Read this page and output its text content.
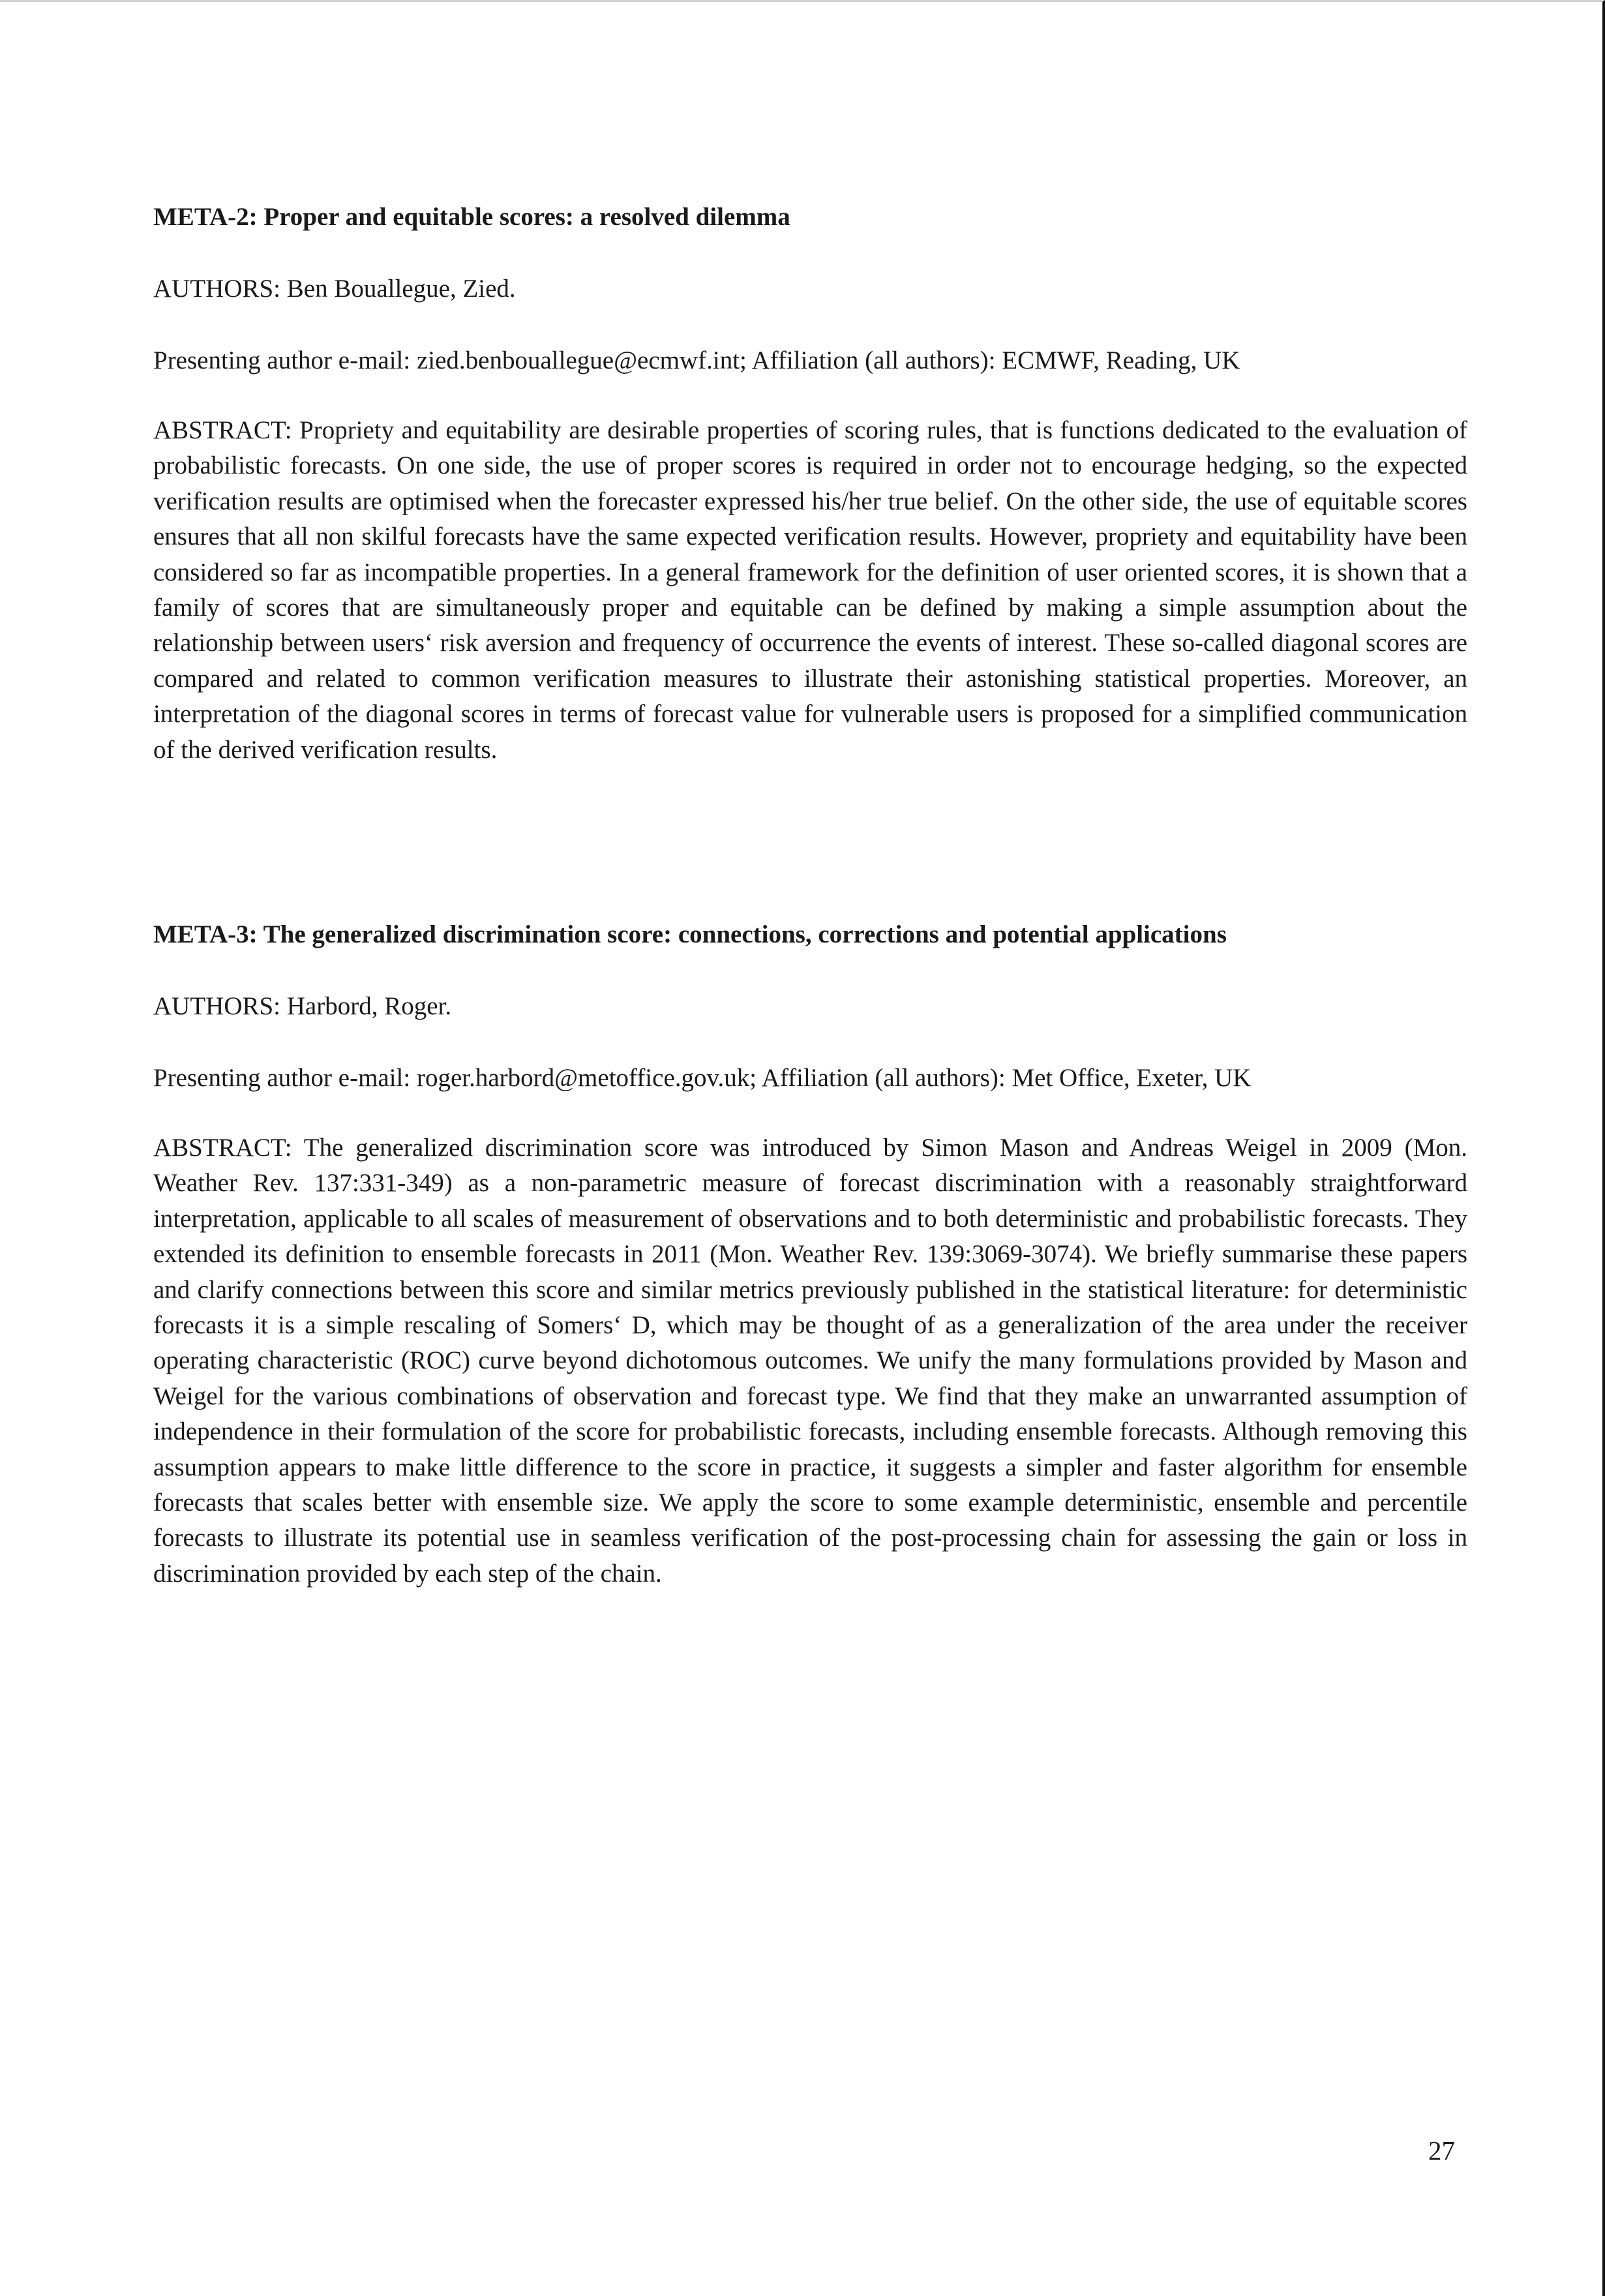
META-2: Proper and equitable scores: a resolved dilemma

AUTHORS: Ben Bouallegue, Zied.

Presenting author e-mail: zied.benbouallegue@ecmwf.int; Affiliation (all authors): ECMWF, Reading, UK

ABSTRACT: Propriety and equitability are desirable properties of scoring rules, that is functions dedicated to the evaluation of probabilistic forecasts. On one side, the use of proper scores is required in order not to encourage hedging, so the expected verification results are optimised when the forecaster expressed his/her true belief. On the other side, the use of equitable scores ensures that all non skilful forecasts have the same expected verification results. However, propriety and equitability have been considered so far as incompatible properties. In a general framework for the definition of user oriented scores, it is shown that a family of scores that are simultaneously proper and equitable can be defined by making a simple assumption about the relationship between users‘ risk aversion and frequency of occurrence the events of interest. These so-called diagonal scores are compared and related to common verification measures to illustrate their astonishing statistical properties. Moreover, an interpretation of the diagonal scores in terms of forecast value for vulnerable users is proposed for a simplified communication of the derived verification results.

META-3: The generalized discrimination score: connections, corrections and potential applications

AUTHORS: Harbord, Roger.

Presenting author e-mail: roger.harbord@metoffice.gov.uk; Affiliation (all authors): Met Office, Exeter, UK

ABSTRACT: The generalized discrimination score was introduced by Simon Mason and Andreas Weigel in 2009 (Mon. Weather Rev. 137:331-349) as a non-parametric measure of forecast discrimination with a reasonably straightforward interpretation, applicable to all scales of measurement of observations and to both deterministic and probabilistic forecasts. They extended its definition to ensemble forecasts in 2011 (Mon. Weather Rev. 139:3069-3074). We briefly summarise these papers and clarify connections between this score and similar metrics previously published in the statistical literature: for deterministic forecasts it is a simple rescaling of Somers‘ D, which may be thought of as a generalization of the area under the receiver operating characteristic (ROC) curve beyond dichotomous outcomes. We unify the many formulations provided by Mason and Weigel for the various combinations of observation and forecast type. We find that they make an unwarranted assumption of independence in their formulation of the score for probabilistic forecasts, including ensemble forecasts. Although removing this assumption appears to make little difference to the score in practice, it suggests a simpler and faster algorithm for ensemble forecasts that scales better with ensemble size. We apply the score to some example deterministic, ensemble and percentile forecasts to illustrate its potential use in seamless verification of the post-processing chain for assessing the gain or loss in discrimination provided by each step of the chain.

27
